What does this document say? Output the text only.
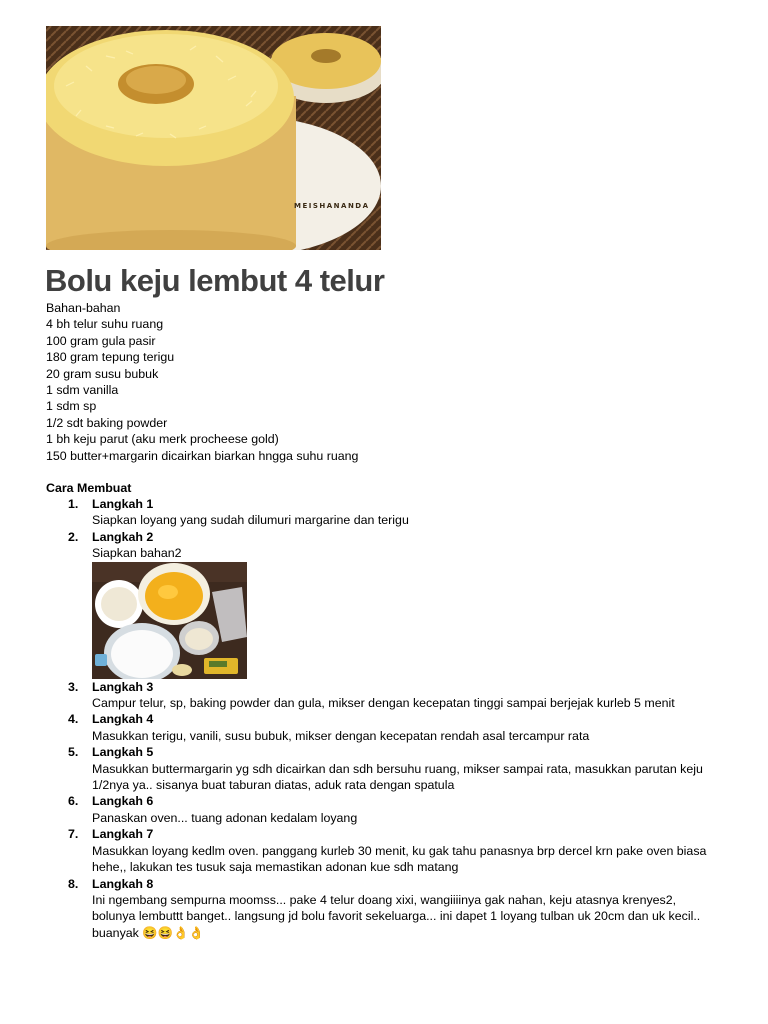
MEISHANANDA
Bolu keju lembut 4 telur
Bahan-bahan
4 bh telur suhu ruang
100 gram gula pasir
180 gram tepung terigu
20 gram susu bubuk
1 sdm vanilla
1 sdm sp
1/2 sdt baking powder
1 bh keju parut (aku merk procheese gold)
150 butter+margarin dicairkan biarkan hngga suhu ruang
Cara Membuat
1. Langkah 1
Siapkan loyang yang sudah dilumuri margarine dan terigu
2. Langkah 2
Siapkan bahan2
3. Langkah 3
Campur telur, sp, baking powder dan gula, mikser dengan kecepatan tinggi sampai berjejak kurleb 5 menit
4. Langkah 4
Masukkan terigu, vanili, susu bubuk, mikser dengan kecepatan rendah asal tercampur rata
5. Langkah 5
Masukkan buttermargarin yg sdh dicairkan dan sdh bersuhu ruang, mikser sampai rata, masukkan parutan keju 1/2nya ya.. sisanya buat taburan diatas, aduk rata dengan spatula
6. Langkah 6
Panaskan oven... tuang adonan kedalam loyang
7. Langkah 7
Masukkan loyang kedlm oven. panggang kurleb 30 menit, ku gak tahu panasnya brp dercel krn pake oven biasa hehe,, lakukan tes tusuk saja memastikan adonan kue sdh matang
8. Langkah 8
Ini ngembang sempurna moomss... pake 4 telur doang xixi, wangiiiinya gak nahan, keju atasnya krenyes2, bolunya lembuttt banget.. langsung jd bolu favorit sekeluarga... ini dapet 1 loyang tulban uk 20cm dan uk kecil.. buanyak 😆😆👌👌
